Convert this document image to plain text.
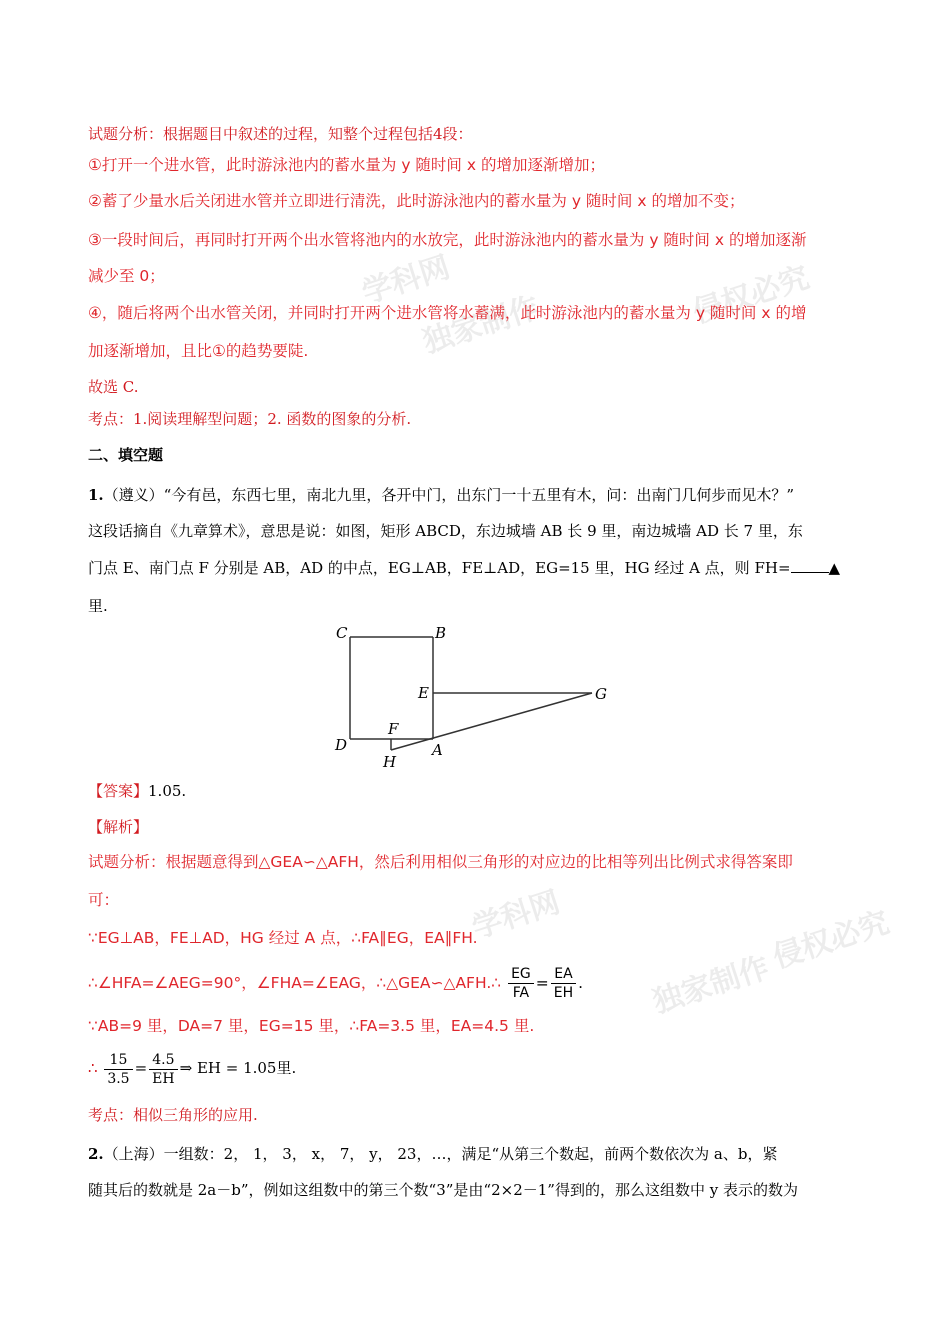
学科网
独家制作	侵权必究
学科网
独家制作
侵权必究
试题分析：根据题目中叙述的过程，知整个过程包括4段：
①打开一个进水管，此时游泳池内的蓄水量为 y 随时间 x 的增加逐渐增加；
②蓄了少量水后关闭进水管并立即进行清洗，此时游泳池内的蓄水量为 y 随时间 x 的增加不变；
③一段时间后，再同时打开两个出水管将池内的水放完，此时游泳池内的蓄水量为 y 随时间 x 的增加逐渐
减少至 0；
④，随后将两个出水管关闭，并同时打开两个进水管将水蓄满，此时游泳池内的蓄水量为 y 随时间 x 的增
加逐渐增加，且比①的趋势要陡.
故选 C.
考点：1.阅读理解型问题；2. 函数的图象的分析.
二、填空题
1.（遵义）“今有邑，东西七里，南北九里，各开中门，出东门一十五里有木，问：出南门几何步而见木？”
这段话摘自《九章算术》，意思是说：如图，矩形 ABCD，东边城墙 AB 长 9 里，南边城墙 AD 长 7 里，东
门点 E、南门点 F 分别是 AB，AD 的中点，EG⊥AB，FE⊥AD，EG=15 里，HG 经过 A 点，则 FH=	▲
里.
C	B
E	G
F
D	A
H
【答案】1.05.
【解析】
试题分析：根据题意得到△GEA∽△AFH，然后利用相似三角形的对应边的比相等列出比例式求得答案即
可：
∵EG⊥AB，FE⊥AD，HG 经过 A 点，∴FA∥EG，EA∥FH.
∴∠HFA=∠AEG=90°，∠FHA=∠EAG，∴△GEA∽△AFH.∴ $\frac{EG}{FA} = \frac{EA}{EH}$ .
∵AB=9 里，DA=7 里，EG=15 里，∴FA=3.5 里，EA=4.5 里.
∴ $\frac{15}{3.5} = \frac{4.5}{EH}$ ⇒ EH = 1.05里.
考点：相似三角形的应用.
2.（上海）一组数：2， 1， 3， x， 7， y， 23，…，满足“从第三个数起，前两个数依次为 a、b，紧
随其后的数就是 2a－b”，例如这组数中的第三个数“3”是由“2×2－1”得到的，那么这组数中 y 表示的数为
